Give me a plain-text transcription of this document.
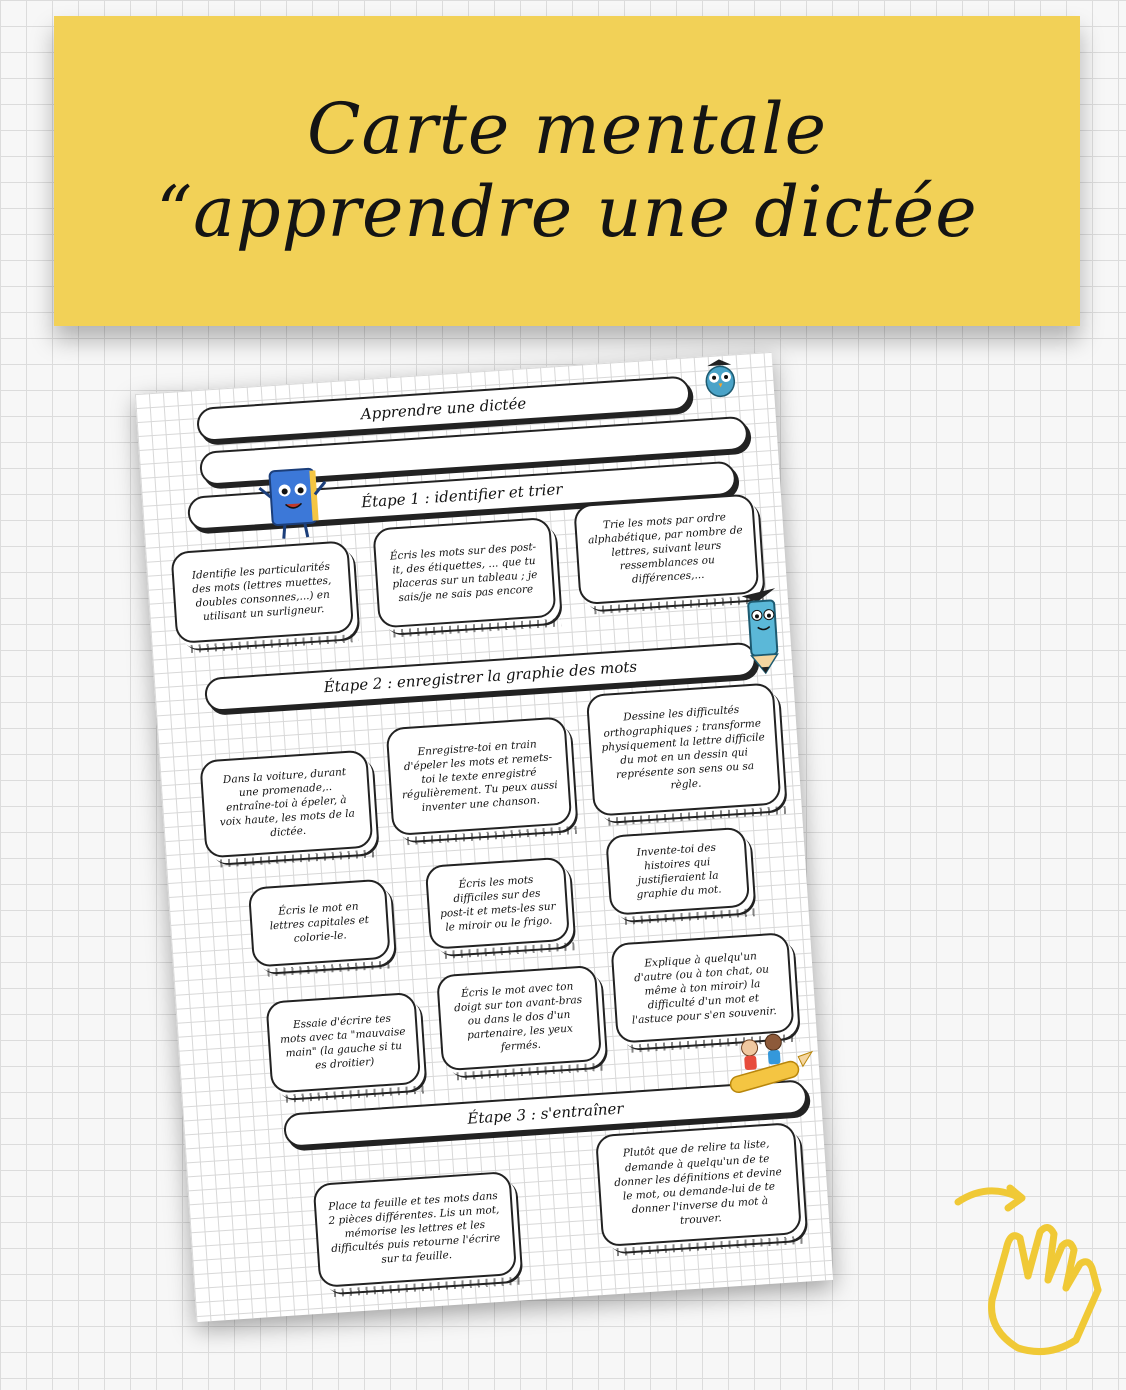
Carte mentale
“apprendre une dictée
Apprendre une dictée
Étape 1 : identifier et trier
Identifie les particularités des mots (lettres muettes, doubles consonnes,...) en utilisant un surligneur.
Écris les mots sur des post-it, des étiquettes, ... que tu placeras sur un tableau ; je sais/je ne sais pas encore
Trie les mots par ordre alphabétique, par nombre de lettres, suivant leurs ressemblances ou différences,...
Étape 2 : enregistrer la graphie des mots
Dans la voiture, durant une promenade,.. entraîne-toi à épeler, à voix haute, les mots de la dictée.
Enregistre-toi en train d'épeler les mots et remets-toi le texte enregistré régulièrement. Tu peux aussi inventer une chanson.
Dessine les difficultés orthographiques ; transforme physiquement la lettre difficile du mot en un dessin qui représente son sens ou sa règle.
Écris le mot en lettres capitales et colorie-le.
Écris les mots difficiles sur des post-it et mets-les sur le miroir ou le frigo.
Invente-toi des histoires qui justifieraient la graphie du mot.
Essaie d'écrire tes mots avec ta "mauvaise main" (la gauche si tu es droitier)
Écris le mot avec ton doigt sur ton avant-bras ou dans le dos d'un partenaire, les yeux fermés.
Explique à quelqu'un d'autre (ou à ton chat, ou même à ton miroir) la difficulté d'un mot et l'astuce pour s'en souvenir.
Étape 3 : s'entraîner
Place ta feuille et tes mots dans 2 pièces différentes. Lis un mot, mémorise les lettres et les difficultés puis retourne l'écrire sur ta feuille.
Plutôt que de relire ta liste, demande à quelqu'un de te donner les définitions et devine le mot, ou demande-lui de te donner l'inverse du mot à trouver.
